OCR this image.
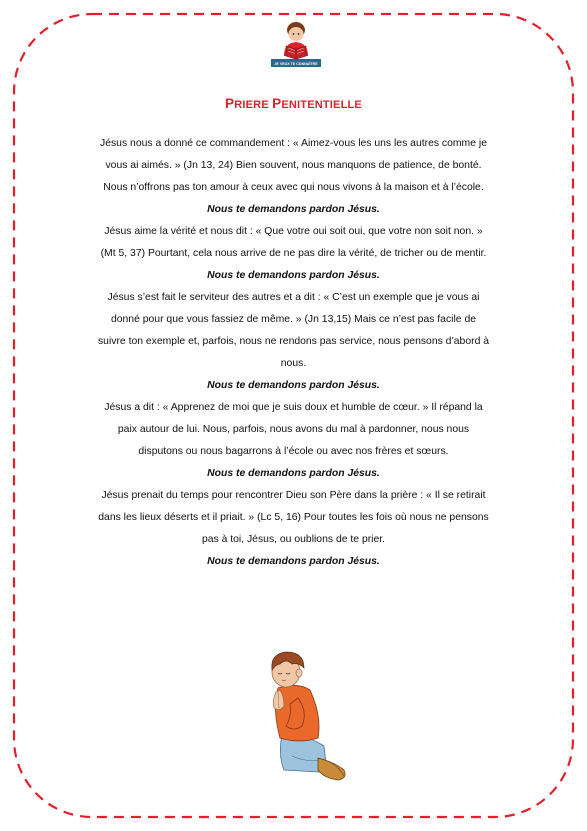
JE VEUX TE CONNAÎTRE
PRIERE PENITENTIELLE

Jésus nous a donné ce commandement : « Aimez-vous les uns les autres comme je vous ai aimés. » (Jn 13, 24) Bien souvent, nous manquons de patience, de bonté. Nous n’offrons pas ton amour à ceux avec qui nous vivons à la maison et à l’école.

Nous te demandons pardon Jésus.

Jésus aime la vérité et nous dit : « Que votre oui soit oui, que votre non soit non. » (Mt 5, 37) Pourtant, cela nous arrive de ne pas dire la vérité, de tricher ou de mentir.

Nous te demandons pardon Jésus.

Jésus s’est fait le serviteur des autres et a dit : « C’est un exemple que je vous ai donné pour que vous fassiez de même. » (Jn 13,15) Mais ce n’est pas facile de suivre ton exemple et, parfois, nous ne rendons pas service, nous pensons d’abord à nous.

Nous te demandons pardon Jésus.

Jésus a dit : « Apprenez de moi que je suis doux et humble de cœur. » Il répand la paix autour de lui. Nous, parfois, nous avons du mal à pardonner, nous nous disputons ou nous bagarrons à l’école ou avec nos frères et sœurs.

Nous te demandons pardon Jésus.

Jésus prenait du temps pour rencontrer Dieu son Père dans la prière : « Il se retirait dans les lieux déserts et il priait. » (Lc 5, 16) Pour toutes les fois où nous ne pensons pas à toi, Jésus, ou oublions de te prier.

Nous te demandons pardon Jésus.
